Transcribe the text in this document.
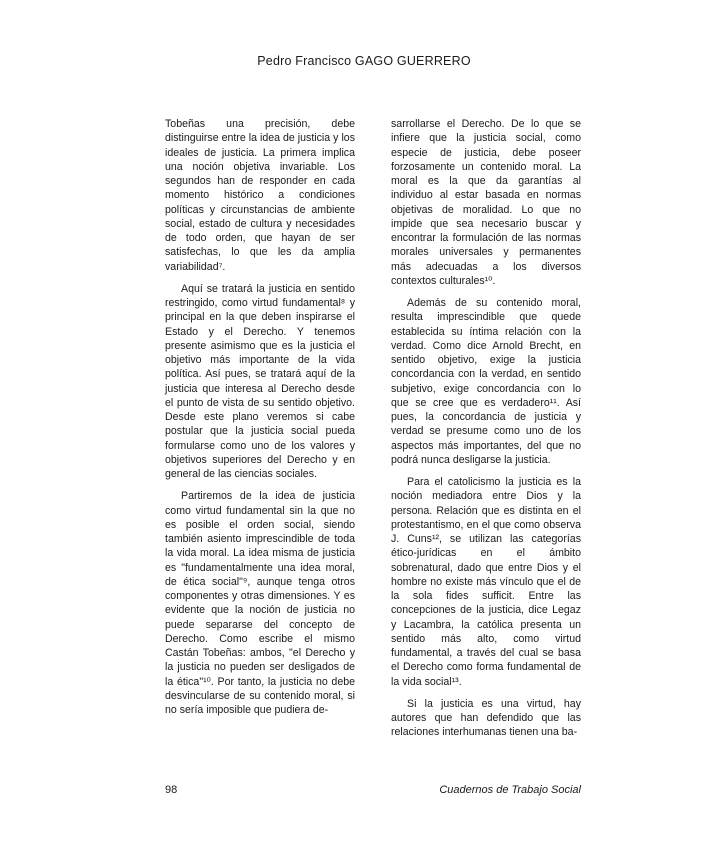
Pedro Francisco GAGO GUERRERO

Tobeñas una precisión, debe distinguirse entre la idea de justicia y los ideales de justicia. La primera implica una noción objetiva invariable. Los segundos han de responder en cada momento histórico a condiciones políticas y circunstancias de ambiente social, estado de cultura y necesidades de todo orden, que hayan de ser satisfechas, lo que les da amplia variabilidad⁷.

Aquí se tratará la justicia en sentido restringido, como virtud fundamental⁸ y principal en la que deben inspirarse el Estado y el Derecho. Y tenemos presente asimismo que es la justicia el objetivo más importante de la vida política. Así pues, se tratará aquí de la justicia que interesa al Derecho desde el punto de vista de su sentido objetivo. Desde este plano veremos si cabe postular que la justicia social pueda formularse como uno de los valores y objetivos superiores del Derecho y en general de las ciencias sociales.

Partiremos de la idea de justicia como virtud fundamental sin la que no es posible el orden social, siendo también asiento imprescindible de toda la vida moral. La idea misma de justicia es "fundamentalmente una idea moral, de ética social"⁹, aunque tenga otros componentes y otras dimensiones. Y es evidente que la noción de justicia no puede separarse del concepto de Derecho. Como escribe el mismo Castán Tobeñas: ambos, "el Derecho y la justicia no pueden ser desligados de la ética"¹⁰. Por tanto, la justicia no debe desvincularse de su contenido moral, si no sería imposible que pudiera de-

sarrollarse el Derecho. De lo que se infiere que la justicia social, como especie de justicia, debe poseer forzosamente un contenido moral. La moral es la que da garantías al individuo al estar basada en normas objetivas de moralidad. Lo que no impide que sea necesario buscar y encontrar la formulación de las normas morales universales y permanentes más adecuadas a los diversos contextos culturales¹⁰.

Además de su contenido moral, resulta imprescindible que quede establecida su íntima relación con la verdad. Como dice Arnold Brecht, en sentido objetivo, exige la justicia concordancia con la verdad, en sentido subjetivo, exige concordancia con lo que se cree que es verdadero¹¹. Así pues, la concordancia de justicia y verdad se presume como uno de los aspectos más importantes, del que no podrá nunca desligarse la justicia.

Para el catolicismo la justicia es la noción mediadora entre Dios y la persona. Relación que es distinta en el protestantismo, en el que como observa J. Cuns¹², se utilizan las categorías ético-jurídicas en el ámbito sobrenatural, dado que entre Dios y el hombre no existe más vínculo que el de la sola fides sufficit. Entre las concepciones de la justicia, dice Legaz y Lacambra, la católica presenta un sentido más alto, como virtud fundamental, a través del cual se basa el Derecho como forma fundamental de la vida social¹³.

Si la justicia es una virtud, hay autores que han defendido que las relaciones interhumanas tienen una ba-

98	Cuadernos de Trabajo Social
